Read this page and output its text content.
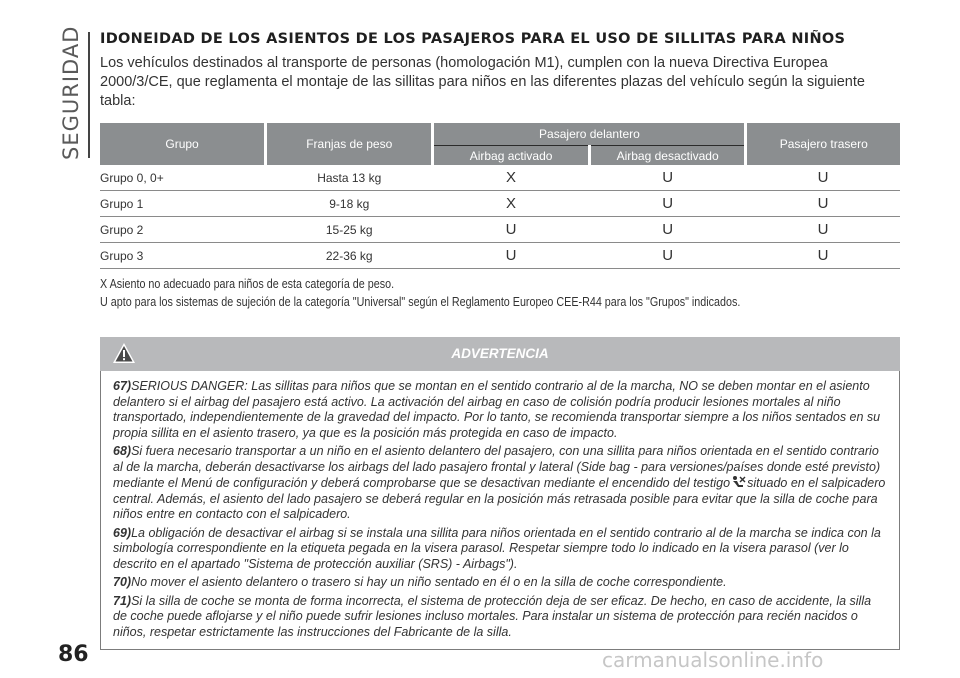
SEGURIDAD IDONEIDAD DE LOS ASIENTOS DE LOS PASAJEROS PARA EL USO DE SILLITAS PARA NIÑOS

Los vehículos destinados al transporte de personas (homologación M1), cumplen con la nueva Directiva Europea 2000/3/CE, que reglamenta el montaje de las sillitas para niños en las diferentes plazas del vehículo según la siguiente tabla:

Grupo	Franjas de peso	Pasajero delantero		Pasajero trasero
		Airbag activado	Airbag desactivado	
Grupo 0, 0+	Hasta 13 kg	X	U	U
Grupo 1	9-18 kg	X	U	U
Grupo 2	15-25 kg	U	U	U
Grupo 3	22-36 kg	U	U	U
X Asiento no adecuado para niños de esta categoría de peso.
U apto para los sistemas de sujeción de la categoría "Universal" según el Reglamento Europeo CEE-R44 para los "Grupos" indicados.
ADVERTENCIA

67)SERIOUS DANGER: Las sillitas para niños que se montan en el sentido contrario al de la marcha, NO se deben montar en el asiento delantero si el airbag del pasajero está activo. La activación del airbag en caso de colisión podría producir lesiones mortales al niño transportado, independientemente de la gravedad del impacto. Por lo tanto, se recomienda transportar siempre a los niños sentados en su propia sillita en el asiento trasero, ya que es la posición más protegida en caso de impacto.

68)Si fuera necesario transportar a un niño en el asiento delantero del pasajero, con una sillita para niños orientada en el sentido contrario al de la marcha, deberán desactivarse los airbags del lado pasajero frontal y lateral (Side bag - para versiones/países donde esté previsto) mediante el Menú de configuración y deberá comprobarse que se desactivan mediante el encendido del testigo situado en el salpicadero central. Además, el asiento del lado pasajero se deberá regular en la posición más retrasada posible para evitar que la silla de coche para niños entre en contacto con el salpicadero.

69)La obligación de desactivar el airbag si se instala una sillita para niños orientada en el sentido contrario al de la marcha se indica con la simbología correspondiente en la etiqueta pegada en la visera parasol. Respetar siempre todo lo indicado en la visera parasol (ver lo descrito en el apartado "Sistema de protección auxiliar (SRS) - Airbags").

70)No mover el asiento delantero o trasero si hay un niño sentado en él o en la silla de coche correspondiente.

71)Si la silla de coche se monta de forma incorrecta, el sistema de protección deja de ser eficaz. De hecho, en caso de accidente, la silla de coche puede aflojarse y el niño puede sufrir lesiones incluso mortales. Para instalar un sistema de protección para recién nacidos o niños, respetar estrictamente las instrucciones del Fabricante de la silla.

86	carmanualsonline.info
